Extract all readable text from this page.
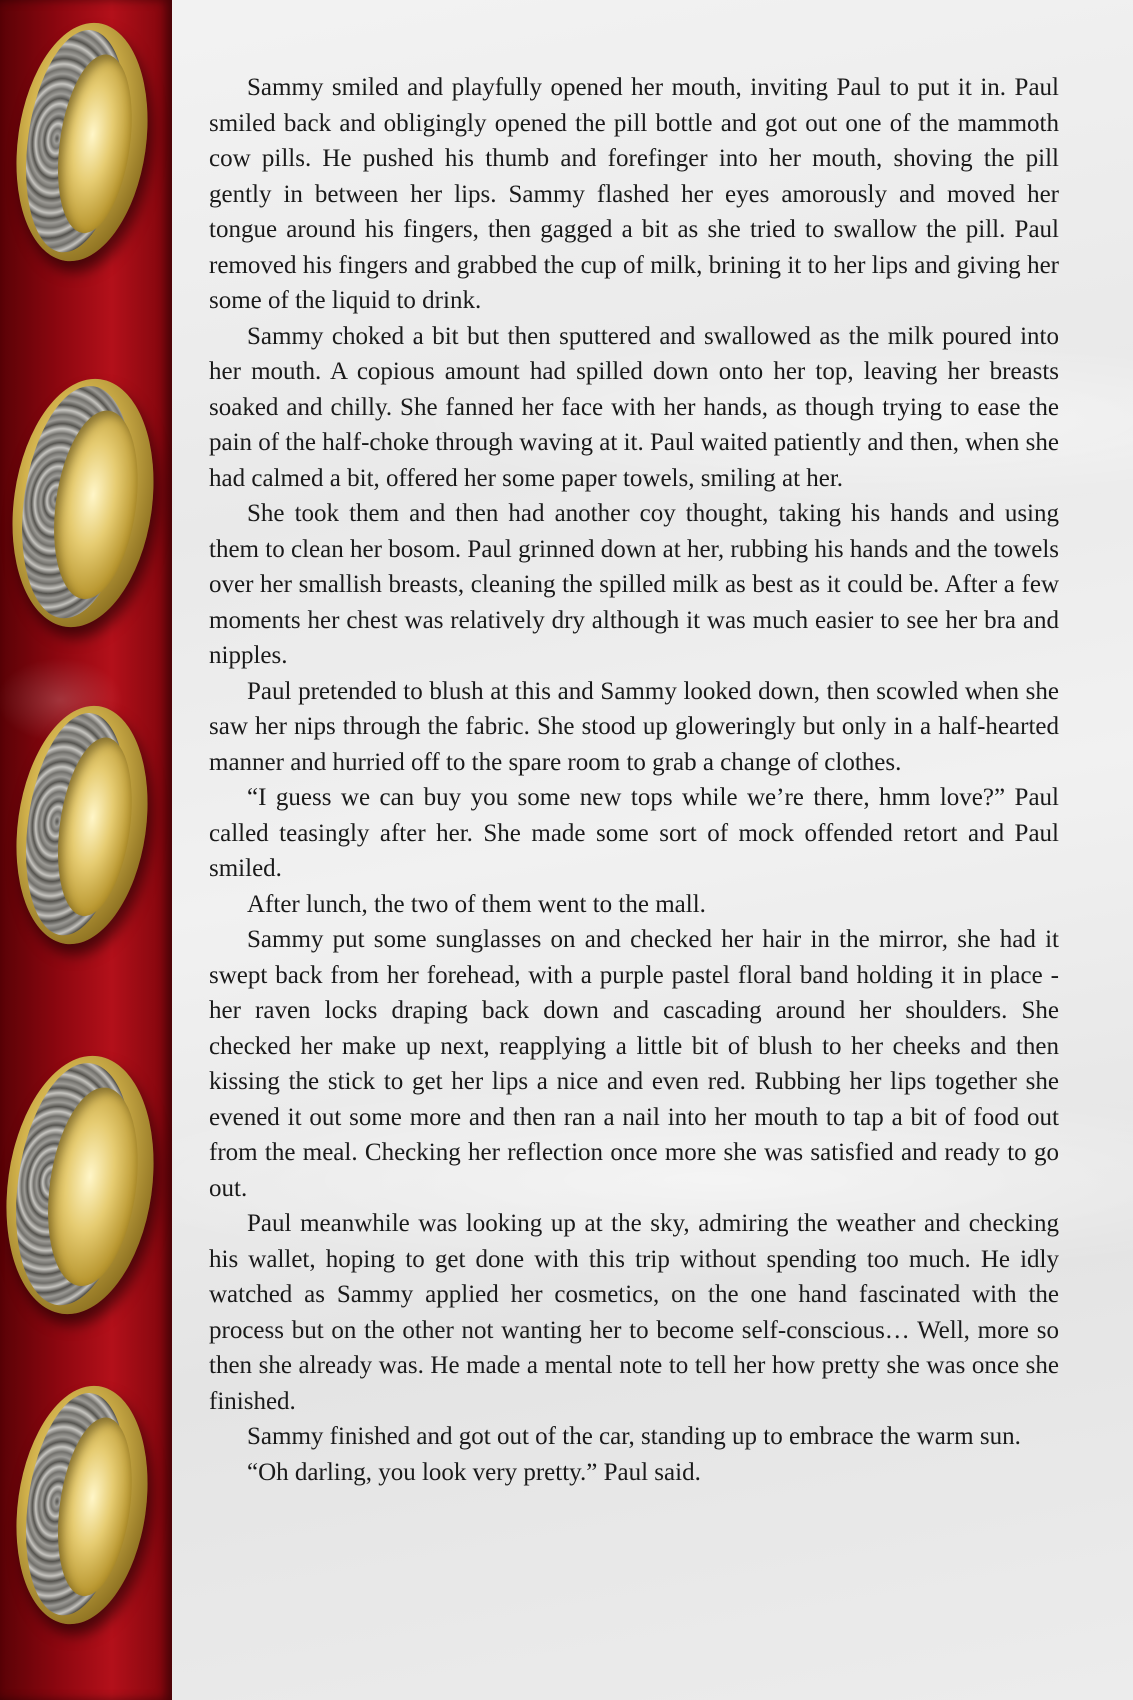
Sammy smiled and playfully opened her mouth, inviting Paul to put it in. Paul smiled back and obligingly opened the pill bottle and got out one of the mammoth cow pills. He pushed his thumb and forefinger into her mouth, shoving the pill gently in between her lips. Sammy flashed her eyes amorously and moved her tongue around his fingers, then gagged a bit as she tried to swallow the pill. Paul removed his fingers and grabbed the cup of milk, brining it to her lips and giving her some of the liquid to drink.

Sammy choked a bit but then sputtered and swallowed as the milk poured into her mouth. A copious amount had spilled down onto her top, leaving her breasts soaked and chilly. She fanned her face with her hands, as though trying to ease the pain of the half-choke through waving at it. Paul waited patiently and then, when she had calmed a bit, offered her some paper towels, smiling at her.

She took them and then had another coy thought, taking his hands and using them to clean her bosom. Paul grinned down at her, rubbing his hands and the towels over her smallish breasts, cleaning the spilled milk as best as it could be. After a few moments her chest was relatively dry although it was much easier to see her bra and nipples.

Paul pretended to blush at this and Sammy looked down, then scowled when she saw her nips through the fabric. She stood up gloweringly but only in a half-hearted manner and hurried off to the spare room to grab a change of clothes.

“I guess we can buy you some new tops while we’re there, hmm love?” Paul called teasingly after her. She made some sort of mock offended retort and Paul smiled.

After lunch, the two of them went to the mall.

Sammy put some sunglasses on and checked her hair in the mirror, she had it swept back from her forehead, with a purple pastel floral band holding it in place - her raven locks draping back down and cascading around her shoulders. She checked her make up next, reapplying a little bit of blush to her cheeks and then kissing the stick to get her lips a nice and even red. Rubbing her lips together she evened it out some more and then ran a nail into her mouth to tap a bit of food out from the meal. Checking her reflection once more she was satisfied and ready to go out.

Paul meanwhile was looking up at the sky, admiring the weather and checking his wallet, hoping to get done with this trip without spending too much. He idly watched as Sammy applied her cosmetics, on the one hand fascinated with the process but on the other not wanting her to become self-conscious… Well, more so then she already was. He made a mental note to tell her how pretty she was once she finished.

Sammy finished and got out of the car, standing up to embrace the warm sun.

“Oh darling, you look very pretty.” Paul said.
